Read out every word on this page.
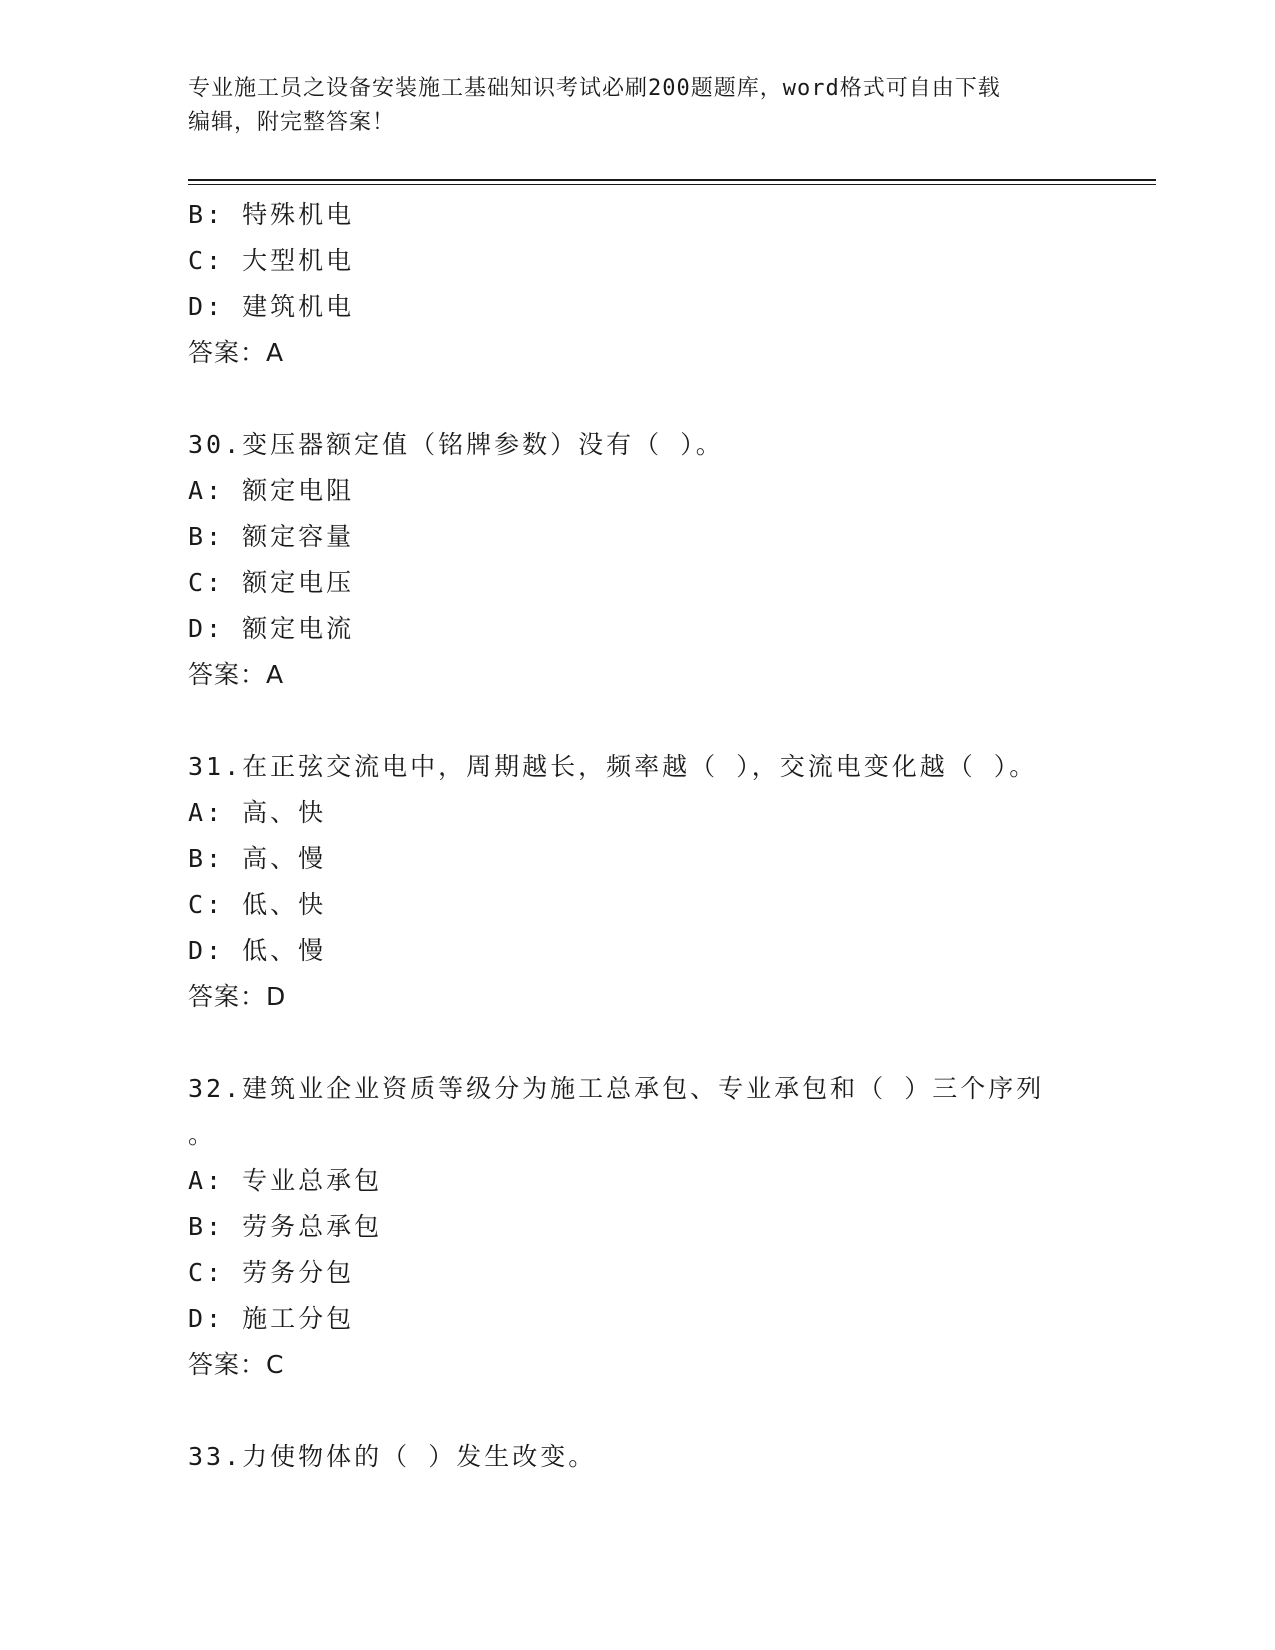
专业施工员之设备安装施工基础知识考试必刷200题题库，word格式可自由下载
编辑，附完整答案！
B: 特殊机电
C: 大型机电
D: 建筑机电
答案：A
30.变压器额定值（铭牌参数）没有（ ）。
A: 额定电阻
B: 额定容量
C: 额定电压
D: 额定电流
答案：A
31.在正弦交流电中，周期越长，频率越（ ），交流电变化越（ ）。
A: 高、快
B: 高、慢
C: 低、快
D: 低、慢
答案：D
32.建筑业企业资质等级分为施工总承包、专业承包和（ ）三个序列
。
A: 专业总承包
B: 劳务总承包
C: 劳务分包
D: 施工分包
答案：C
33.力使物体的（ ）发生改变。
